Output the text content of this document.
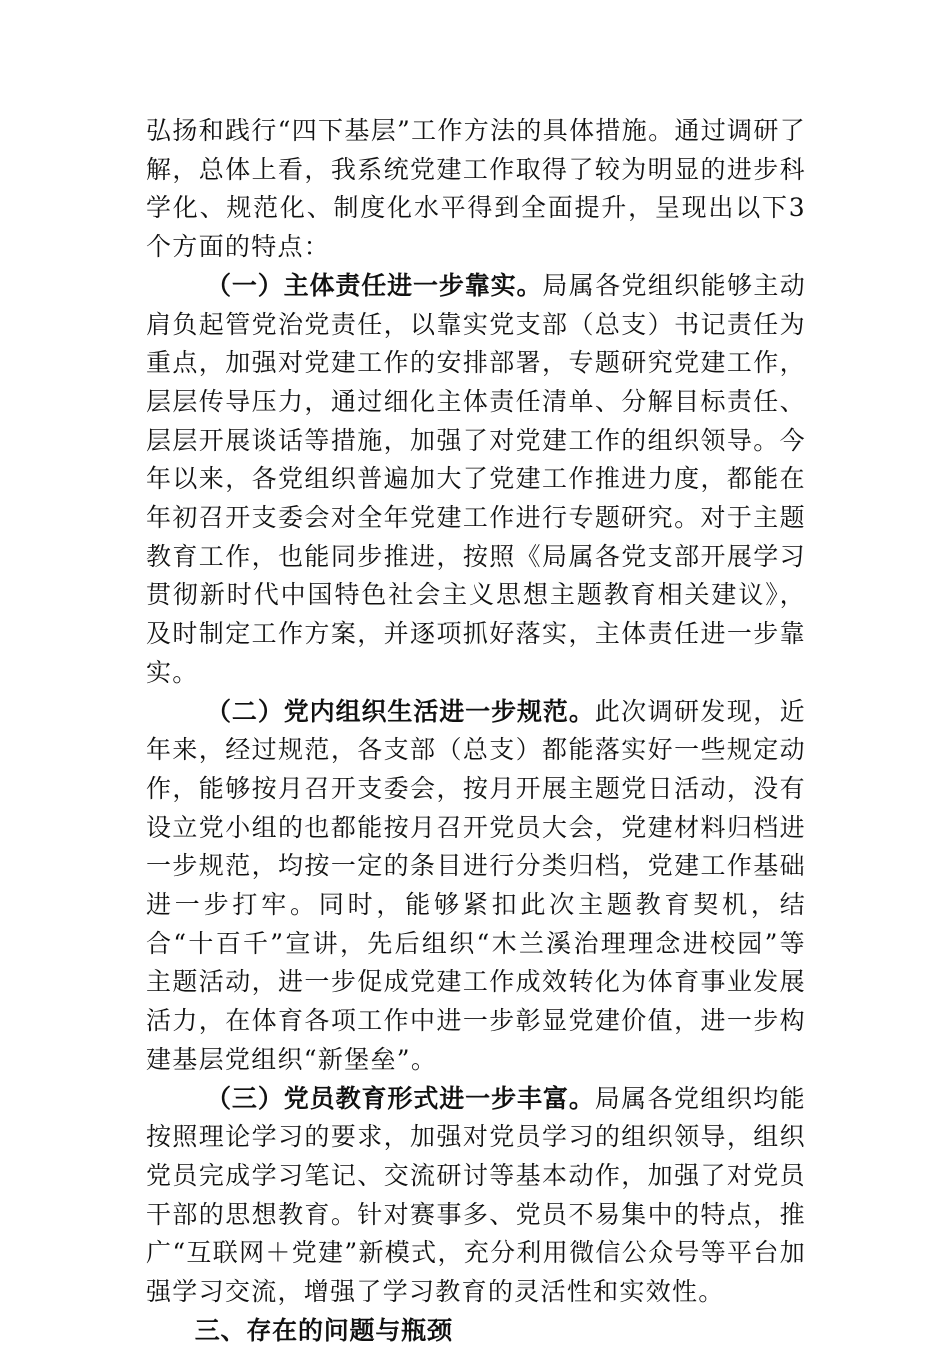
弘扬和践行“四下基层”工作方法的具体措施。通过调研了解，总体上看，我系统党建工作取得了较为明显的进步科学化、规范化、制度化水平得到全面提升，呈现出以下3个方面的特点：

（一）主体责任进一步靠实。局属各党组织能够主动肩负起管党治党责任，以靠实党支部（总支）书记责任为重点，加强对党建工作的安排部署，专题研究党建工作，层层传导压力，通过细化主体责任清单、分解目标责任、层层开展谈话等措施，加强了对党建工作的组织领导。今年以来，各党组织普遍加大了党建工作推进力度，都能在年初召开支委会对全年党建工作进行专题研究。对于主题教育工作，也能同步推进，按照《局属各党支部开展学习贯彻新时代中国特色社会主义思想主题教育相关建议》，及时制定工作方案，并逐项抓好落实，主体责任进一步靠实。

（二）党内组织生活进一步规范。此次调研发现，近年来，经过规范，各支部（总支）都能落实好一些规定动作，能够按月召开支委会，按月开展主题党日活动，没有设立党小组的也都能按月召开党员大会，党建材料归档进一步规范，均按一定的条目进行分类归档，党建工作基础进一步打牢。同时，能够紧扣此次主题教育契机，结合“十百千”宣讲，先后组织“木兰溪治理理念进校园”等主题活动，进一步促成党建工作成效转化为体育事业发展活力，在体育各项工作中进一步彰显党建价值，进一步构建基层党组织“新堡垒”。

（三）党员教育形式进一步丰富。局属各党组织均能按照理论学习的要求，加强对党员学习的组织领导，组织党员完成学习笔记、交流研讨等基本动作，加强了对党员干部的思想教育。针对赛事多、党员不易集中的特点，推广“互联网＋党建”新模式，充分利用微信公众号等平台加强学习交流，增强了学习教育的灵活性和实效性。

三、存在的问题与瓶颈
